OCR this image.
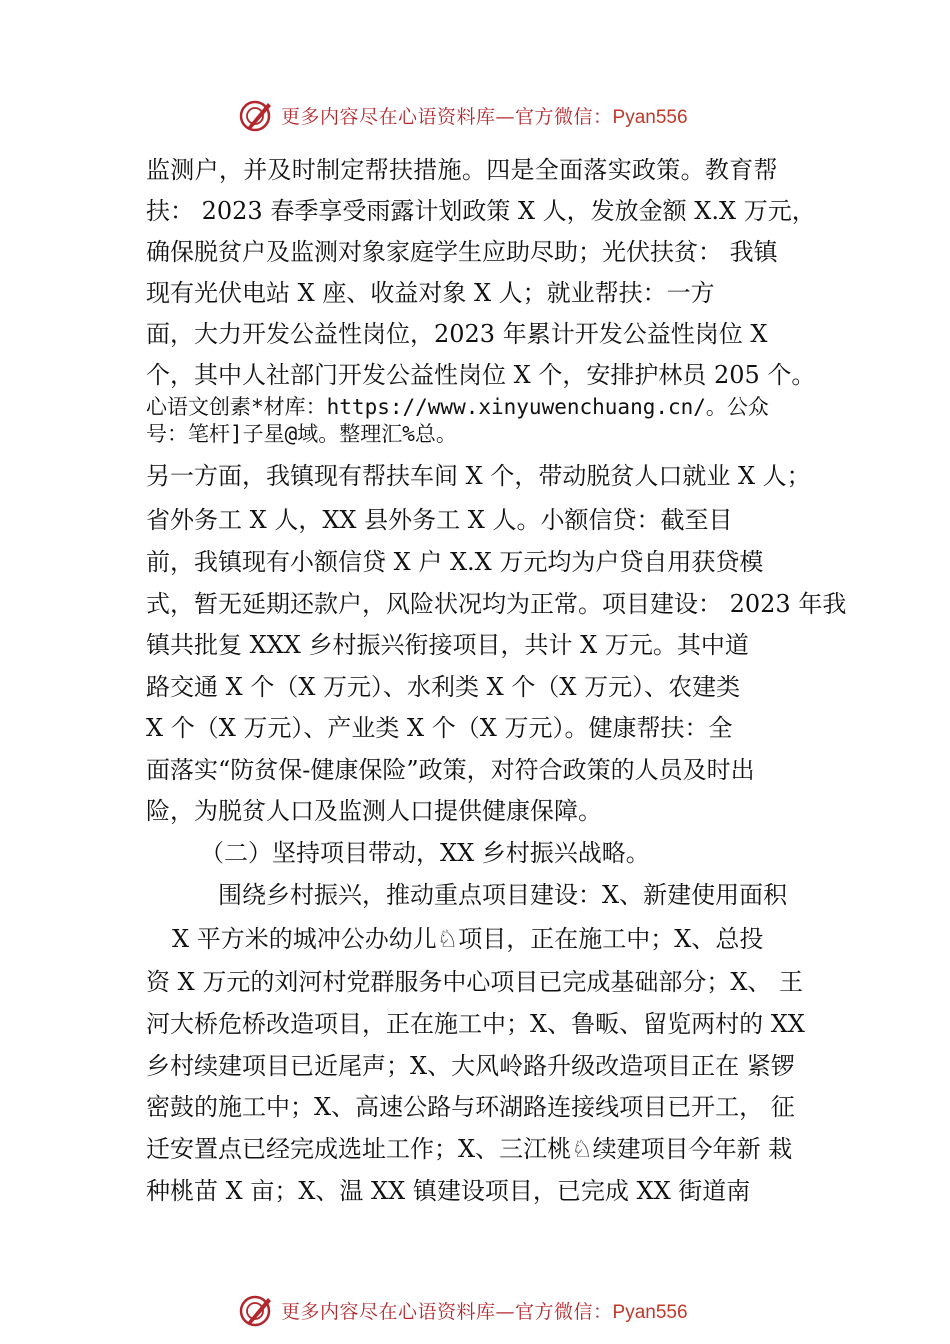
更多内容尽在心语资料库—官方微信：Pyan556
监测户，并及时制定帮扶措施。四是全面落实政策。教育帮
扶： 2023 春季享受雨露计划政策 X 人，发放金额 X.X 万元，
确保脱贫户及监测对象家庭学生应助尽助；光伏扶贫： 我镇
现有光伏电站 X 座、收益对象 X 人；就业帮扶：一方
面，大力开发公益性岗位，2023 年累计开发公益性岗位 X
个，其中人社部门开发公益性岗位 X 个，安排护林员 205 个。
心语文创素*材库：https://www.xinyuwenchuang.cn/。公众
号：笔杆]子星@域。整理汇%总。
另一方面，我镇现有帮扶车间 X 个，带动脱贫人口就业 X 人；
省外务工 X 人，XX 县外务工 X 人。小额信贷：截至目
前，我镇现有小额信贷 X 户 X.X 万元均为户贷自用获贷模
式，暂无延期还款户，风险状况均为正常。项目建设： 2023 年我
镇共批复 XXX 乡村振兴衔接项目，共计 X 万元。其中道
路交通 X 个（X 万元）、水利类 X 个（X 万元）、农建类
X 个（X 万元）、产业类 X 个（X 万元）。健康帮扶：全
面落实“防贫保-健康保险”政策，对符合政策的人员及时出
险，为脱贫人口及监测人口提供健康保障。
（二）坚持项目带动，XX 乡村振兴战略。
围绕乡村振兴，推动重点项目建设：X、新建使用面积
X 平方米的城冲公办幼儿♘项目，正在施工中；X、总投
资 X 万元的刘河村党群服务中心项目已完成基础部分；X、 王
河大桥危桥改造项目，正在施工中；X、鲁畈、留览两村的 XX
乡村续建项目已近尾声；X、大风岭路升级改造项目正在 紧锣
密鼓的施工中；X、高速公路与环湖路连接线项目已开工， 征
迁安置点已经完成选址工作；X、三江桃♘续建项目今年新 栽
种桃苗 X 亩；X、温 XX 镇建设项目，已完成 XX 街道南
更多内容尽在心语资料库—官方微信：Pyan556
